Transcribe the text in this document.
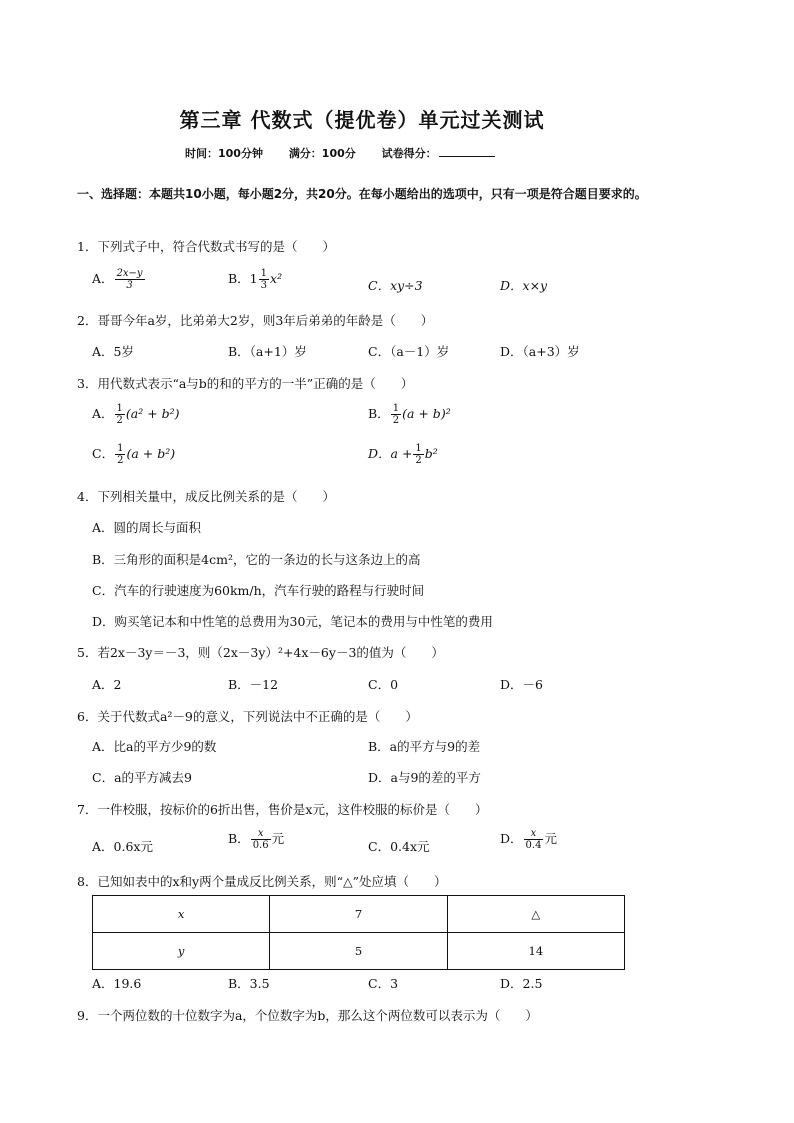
第三章 代数式（提优卷）单元过关测试
时间：100分钟 满分：100分 试卷得分：
一、选择题：本题共10小题，每小题2分，共20分。在每小题给出的选项中，只有一项是符合题目要求的。
1．下列式子中，符合代数式书写的是（　　）
A． $\frac{2x-y}{3}$	B．$1 \frac{1}{3} x^2$	C．xy÷3	D．x×y
2．哥哥今年a岁，比弟弟大2岁，则3年后弟弟的年龄是（　　）
A．5岁	B．（a+1）岁	C．（a－1）岁	D．（a+3）岁
3．用代数式表示“a与b的和的平方的一半”正确的是（　　）
A． $\frac{1}{2} (a^2 + b^2)$	B． $\frac{1}{2} (a + b)^2$
C． $\frac{1}{2} (a + b^2)$	D．$a + \frac{1}{2} b^2$
4．下列相关量中，成反比例关系的是（　　）
A．圆的周长与面积
B．三角形的面积是4cm²，它的一条边的长与这条边上的高
C．汽车的行驶速度为60km/h，汽车行驶的路程与行驶时间
D．购买笔记本和中性笔的总费用为30元，笔记本的费用与中性笔的费用
5．若2x－3y＝－3，则（2x－3y）²+4x－6y－3的值为（　　）
A．2	B．－12	C．0	D．－6
6．关于代数式a²－9的意义，下列说法中不正确的是（　　）
A．比a的平方少9的数	B．a的平方与9的差
C．a的平方减去9	D．a与9的差的平方
7．一件校服，按标价的6折出售，售价是x元，这件校服的标价是（　　）
A．0.6x元
B． $\frac{x}{0.6}$ 元
C．0.4x元
D． $\frac{x}{0.4}$ 元
8．已知如表中的x和y两个量成反比例关系，则“△”处应填（　　）
x	7	△
y	5	14
A．19.6	B．3.5	C．3	D．2.5
9．一个两位数的十位数字为a，个位数字为b，那么这个两位数可以表示为（　　）
